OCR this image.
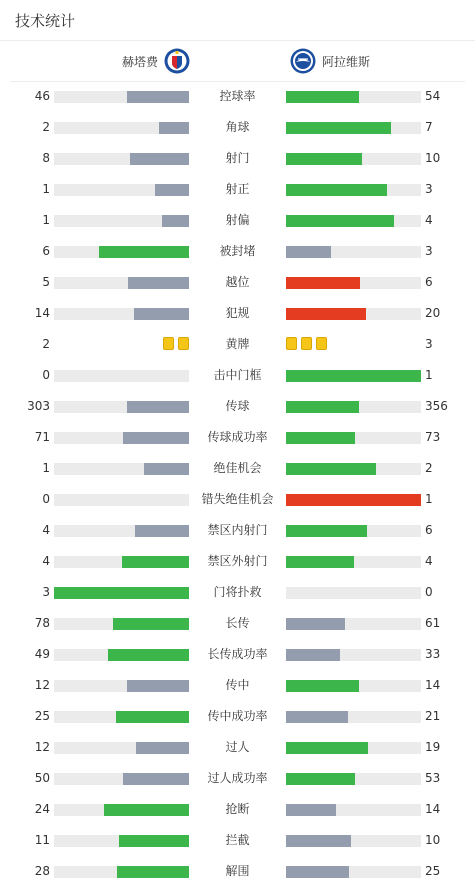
技术统计
赫塔费	阿拉维斯
46	控球率	54
2	角球	7
8	射门	10
1	射正	3
1	射偏	4
6	被封堵	3
5	越位	6
14	犯规	20
2	黄牌	3
0	击中门框	1
303	传球	356
71	传球成功率	73
1	绝佳机会	2
0	错失绝佳机会	1
4	禁区内射门	6
4	禁区外射门	4
3	门将扑救	0
78	长传	61
49	长传成功率	33
12	传中	14
25	传中成功率	21
12	过人	19
50	过人成功率	53
24	抢断	14
11	拦截	10
28	解围	25
